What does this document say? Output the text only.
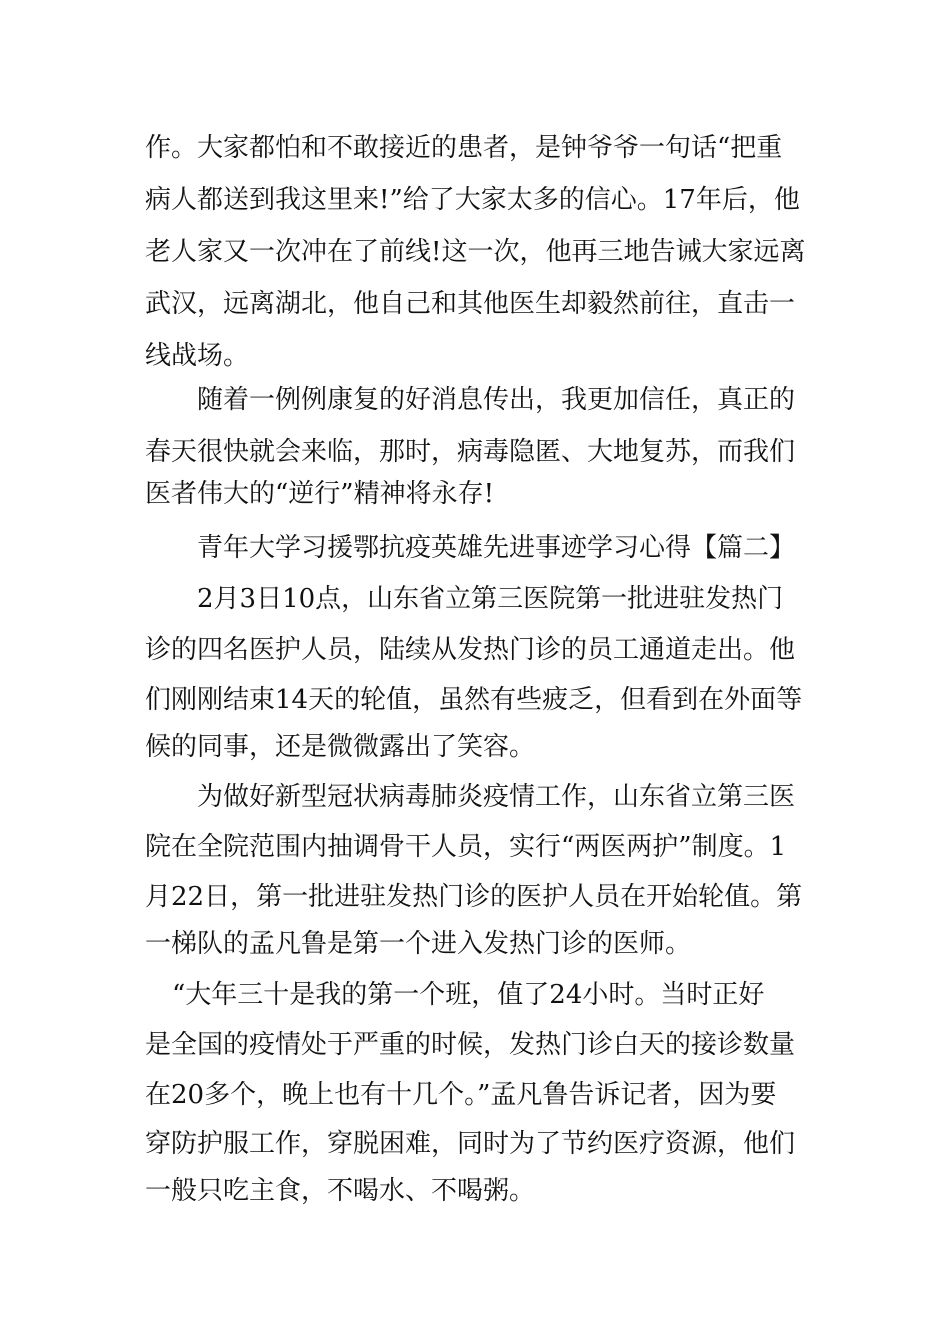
作。大家都怕和不敢接近的患者，是钟爷爷一句话“把重
病人都送到我这里来!”给了大家太多的信心。17年后，他
老人家又一次冲在了前线!这一次，他再三地告诫大家远离
武汉，远离湖北，他自己和其他医生却毅然前往，直击一
线战场。
随着一例例康复的好消息传出，我更加信任，真正的
春天很快就会来临，那时，病毒隐匿、大地复苏，而我们
医者伟大的“逆行”精神将永存!
青年大学习援鄂抗疫英雄先进事迹学习心得【篇二】
2月3日10点，山东省立第三医院第一批进驻发热门
诊的四名医护人员，陆续从发热门诊的员工通道走出。他
们刚刚结束14天的轮值，虽然有些疲乏，但看到在外面等
候的同事，还是微微露出了笑容。
为做好新型冠状病毒肺炎疫情工作，山东省立第三医
院在全院范围内抽调骨干人员，实行“两医两护”制度。1
月22日，第一批进驻发热门诊的医护人员在开始轮值。第
一梯队的孟凡鲁是第一个进入发热门诊的医师。
“大年三十是我的第一个班，值了24小时。当时正好
是全国的疫情处于严重的时候，发热门诊白天的接诊数量
在20多个，晚上也有十几个。”孟凡鲁告诉记者，因为要
穿防护服工作，穿脱困难，同时为了节约医疗资源，他们
一般只吃主食，不喝水、不喝粥。
